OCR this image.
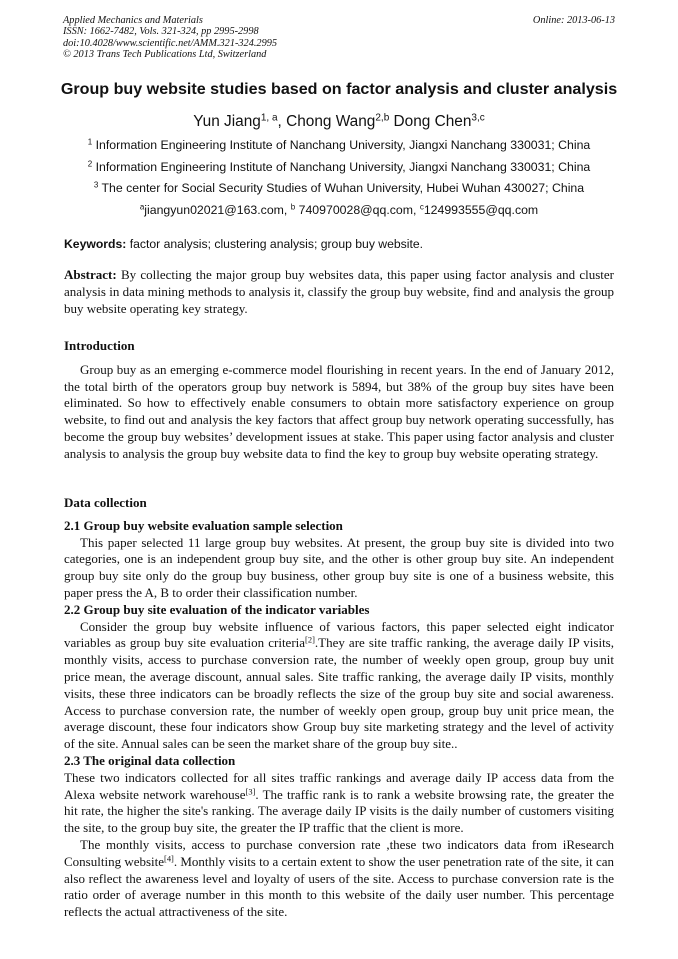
Applied Mechanics and Materials
ISSN: 1662-7482, Vols. 321-324, pp 2995-2998
doi:10.4028/www.scientific.net/AMM.321-324.2995
© 2013 Trans Tech Publications Ltd, Switzerland
Online: 2013-06-13
Group buy website studies based on factor analysis and cluster analysis
Yun Jiang$^{1, a}$, Chong Wang$^{2,b}$ Dong Chen$^{3,c}$
$^1$ Information Engineering Institute of Nanchang University, Jiangxi Nanchang 330031; China
$^2$ Information Engineering Institute of Nanchang University, Jiangxi Nanchang 330031; China
$^3$ The center for Social Security Studies of Wuhan University, Hubei Wuhan 430027; China
$^a$jiangyun02021@163.com, $^b$ 740970028@qq.com, $^c$124993555@qq.com
Keywords: factor analysis; clustering analysis; group buy website.

Abstract: By collecting the major group buy websites data, this paper using factor analysis and cluster analysis in data mining methods to analysis it, classify the group buy website, find and analysis the group buy website operating key strategy.

Introduction

Group buy as an emerging e-commerce model flourishing in recent years. In the end of January 2012, the total birth of the operators group buy network is 5894, but 38% of the group buy sites have been eliminated. So how to effectively enable consumers to obtain more satisfactory experience on group website, to find out and analysis the key factors that affect group buy network operating successfully, has become the group buy websites’ development issues at stake. This paper using factor analysis and cluster analysis to analysis the group buy website data to find the key to group buy website operating strategy.

Data collection

2.1 Group buy website evaluation sample selection

This paper selected 11 large group buy websites. At present, the group buy site is divided into two categories, one is an independent group buy site, and the other is other group buy site. An independent group buy site only do the group buy business, other group buy site is one of a business website, this paper press the A, B to order their classification number.

2.2 Group buy site evaluation of the indicator variables

Consider the group buy website influence of various factors, this paper selected eight indicator variables as group buy site evaluation criteria[2].They are site traffic ranking, the average daily IP visits, monthly visits, access to purchase conversion rate, the number of weekly open group, group buy unit price mean, the average discount, annual sales. Site traffic ranking, the average daily IP visits, monthly visits, these three indicators can be broadly reflects the size of the group buy site and social awareness. Access to purchase conversion rate, the number of weekly open group, group buy unit price mean, the average discount, these four indicators show Group buy site marketing strategy and the level of activity of the site. Annual sales can be seen the market share of the group buy site..

2.3 The original data collection

These two indicators collected for all sites traffic rankings and average daily IP access data from the Alexa website network warehouse[3]. The traffic rank is to rank a website browsing rate, the greater the hit rate, the higher the site's ranking. The average daily IP visits is the daily number of customers visiting the site, to the group buy site, the greater the IP traffic that the client is more.

The monthly visits, access to purchase conversion rate ,these two indicators data from iResearch Consulting website[4]. Monthly visits to a certain extent to show the user penetration rate of the site, it can also reflect the awareness level and loyalty of users of the site. Access to purchase conversion rate is the ratio order of average number in this month to this website of the daily user number. This percentage reflects the actual attractiveness of the site.
